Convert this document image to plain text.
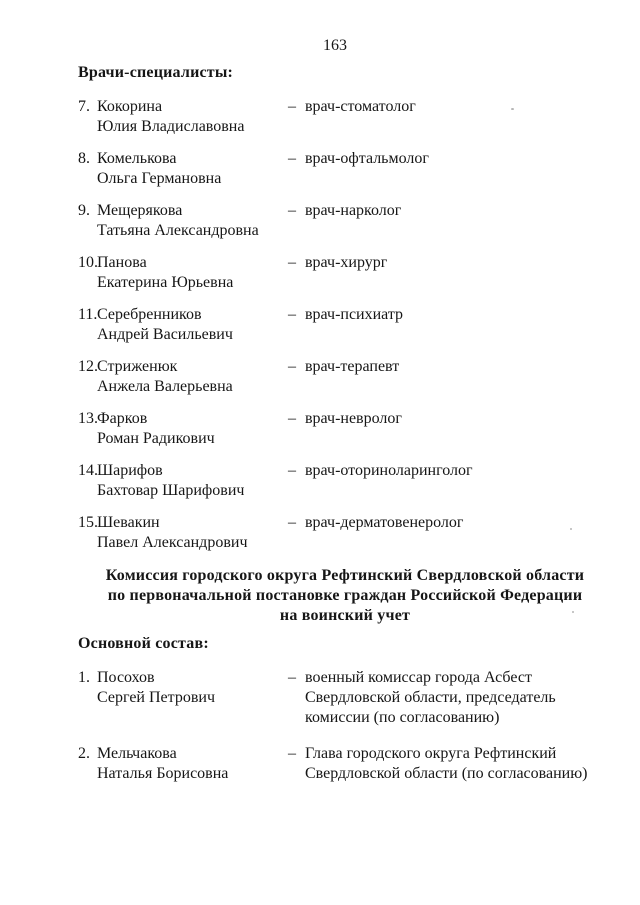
163
Врачи-специалисты:
7. Кокорина
Юлия Владиславовна
– врач-стоматолог
8. Комелькова
Ольга Германовна
– врач-офтальмолог
9. Мещерякова
Татьяна Александровна
– врач-нарколог
10. Панова
Екатерина Юрьевна
– врач-хирург
11. Серебренников
Андрей Васильевич
– врач-психиатр
12. Стриженюк
Анжела Валерьевна
– врач-терапевт
13. Фарков
Роман Радикович
– врач-невролог
14. Шарифов
Бахтовар Шарифович
– врач-оториноларинголог
15. Шевакин
Павел Александрович
– врач-дерматовенеролог
Комиссия городского округа Рефтинский Свердловской области
по первоначальной постановке граждан Российской Федерации
на воинский учет
Основной состав:
1. Посохов
Сергей Петрович
– военный комиссар города Асбест Свердловской области, председатель комиссии (по согласованию)
2. Мельчакова
Наталья Борисовна
– Глава городского округа Рефтинский Свердловской области (по согласованию)
